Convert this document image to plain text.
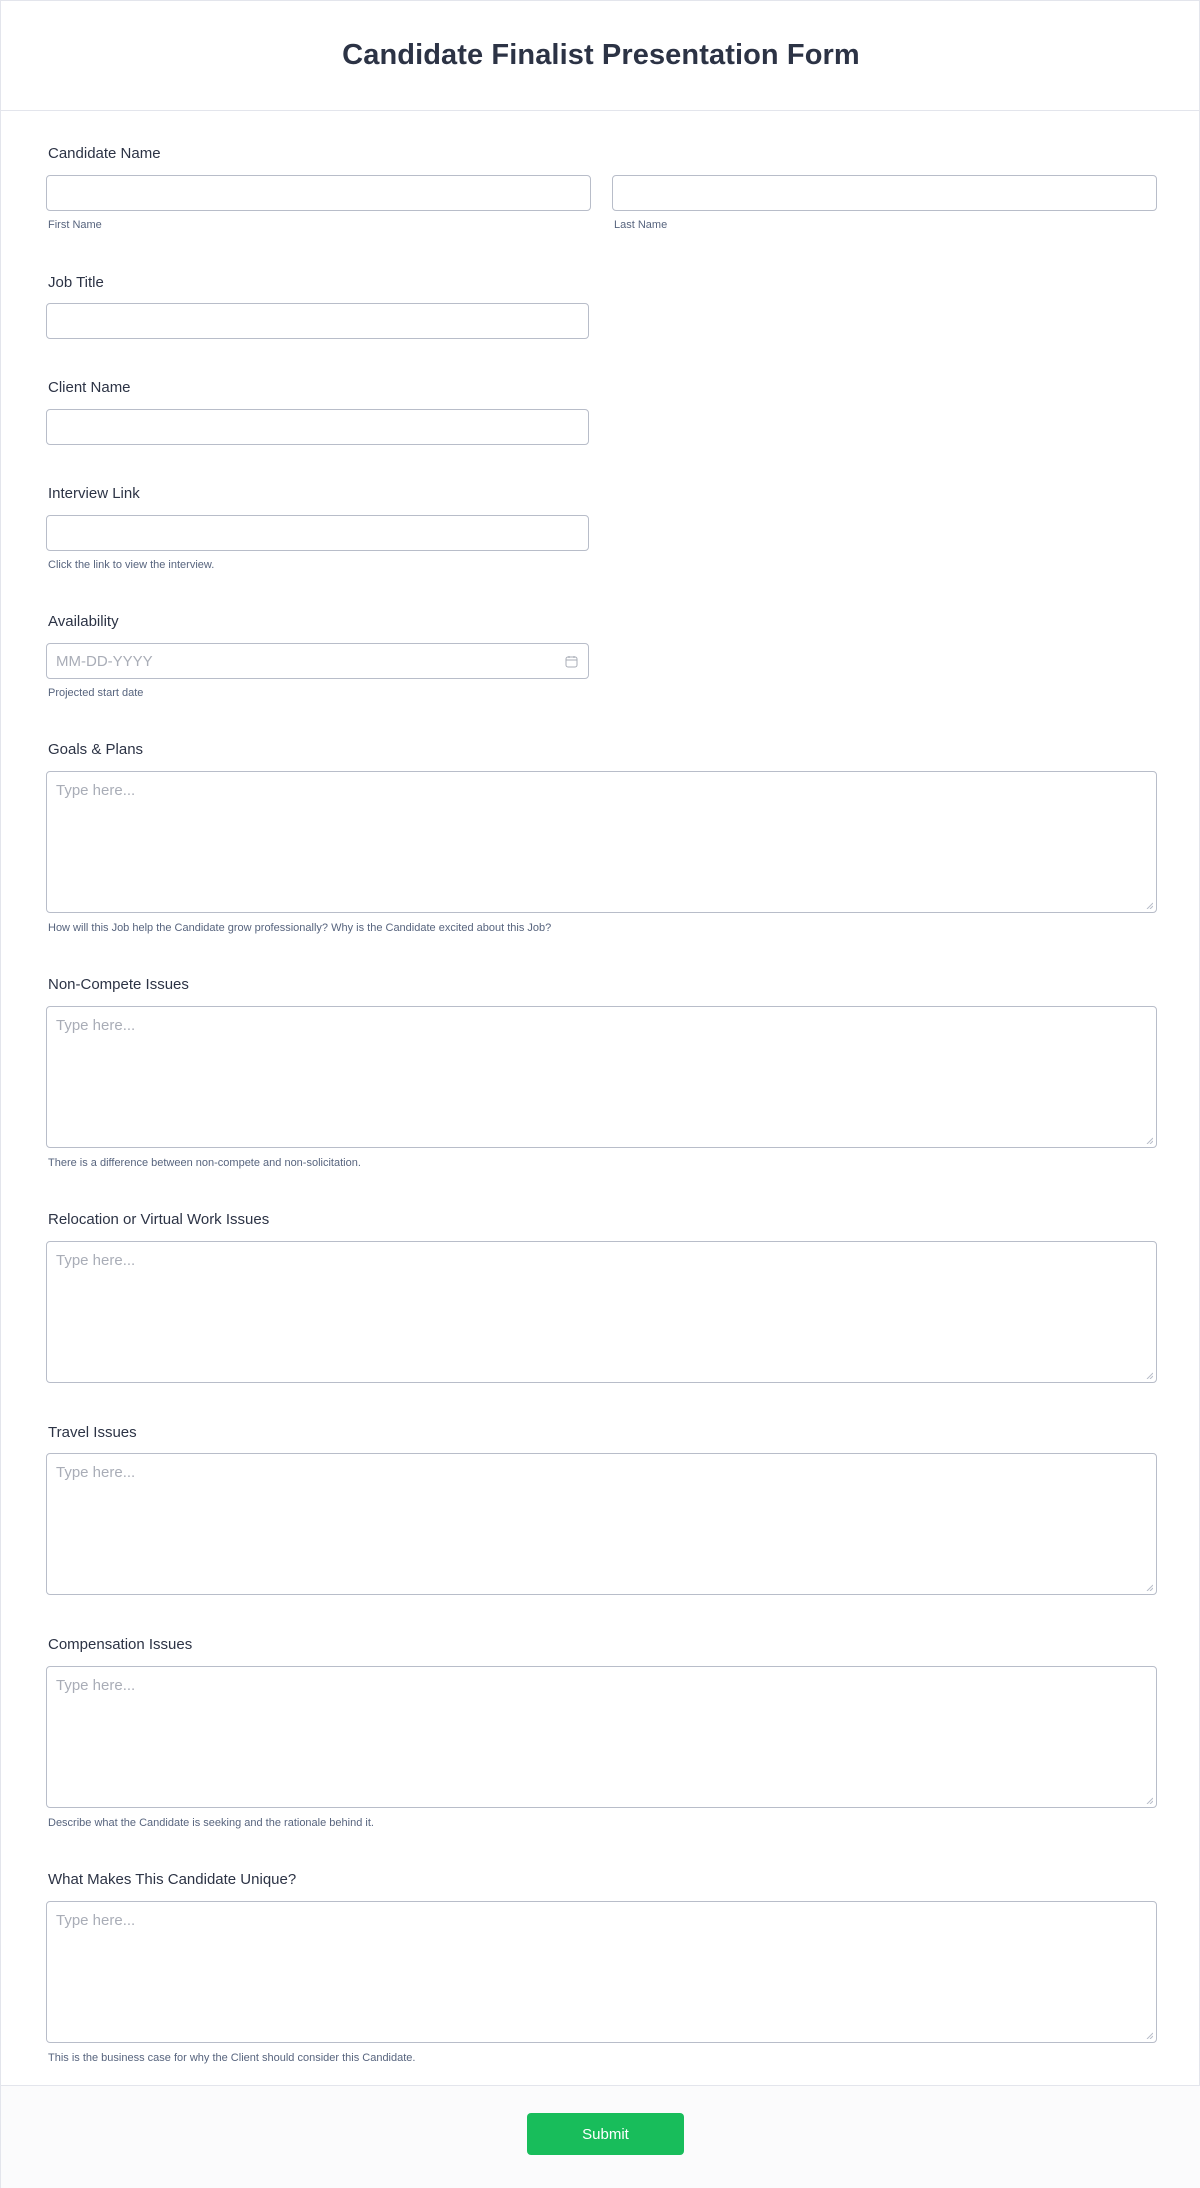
Candidate Finalist Presentation Form
Candidate Name
First Name	Last Name
Job Title
Client Name
Interview Link
Click the link to view the interview.
Availability
MM-DD-YYYY
Projected start date
Goals & Plans
Type here...
How will this Job help the Candidate grow professionally? Why is the Candidate excited about this Job?
Non-Compete Issues
Type here...
There is a difference between non-compete and non-solicitation.
Relocation or Virtual Work Issues
Type here...
Travel Issues
Type here...
Compensation Issues
Type here...
Describe what the Candidate is seeking and the rationale behind it.
What Makes This Candidate Unique?
Type here...
This is the business case for why the Client should consider this Candidate.
Submit
